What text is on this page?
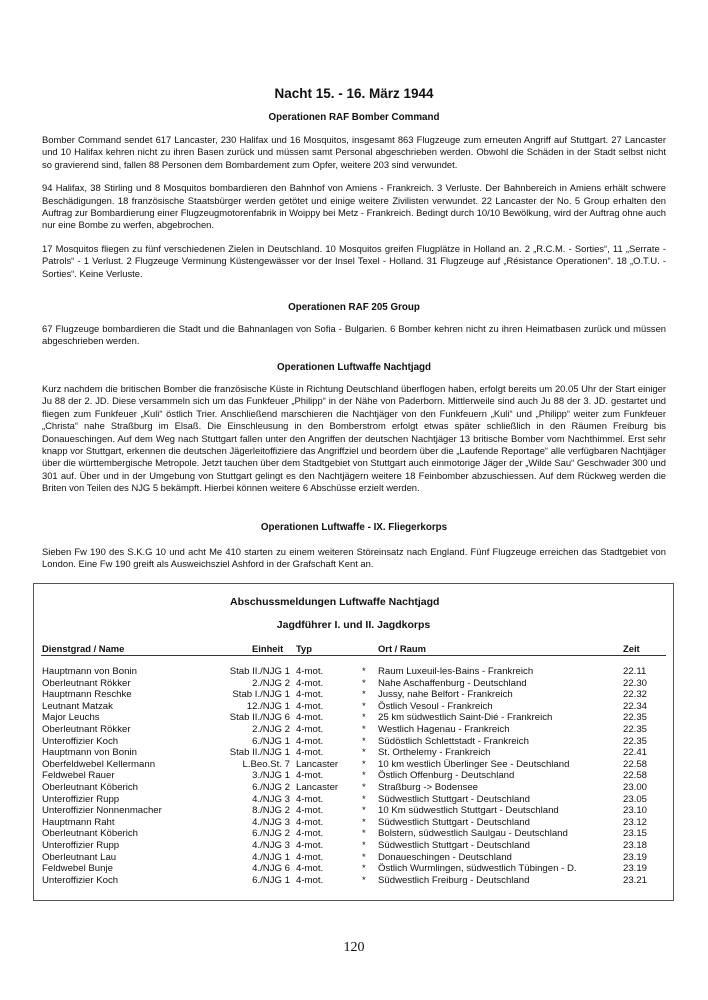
Nacht 15. - 16. März 1944
Operationen RAF Bomber Command

Bomber Command sendet 617 Lancaster, 230 Halifax und 16 Mosquitos, insgesamt 863 Flugzeuge zum erneuten Angriff auf Stuttgart. 27 Lancaster und 10 Halifax kehren nicht zu ihren Basen zurück und müssen samt Personal abgeschrieben werden. Obwohl die Schäden in der Stadt selbst nicht so gravierend sind, fallen 88 Personen dem Bombardement zum Opfer, weitere 203 sind verwundet.

94 Halifax, 38 Stirling und 8 Mosquitos bombardieren den Bahnhof von Amiens - Frankreich. 3 Verluste. Der Bahnbereich in Amiens erhält schwere Beschädigungen. 18 französische Staatsbürger werden getötet und einige weitere Zivilisten verwundet. 22 Lancaster der No. 5 Group erhalten den Auftrag zur Bombardierung einer Flugzeugmotorenfabrik in Woippy bei Metz - Frankreich. Bedingt durch 10/10 Bewölkung, wird der Auftrag ohne auch nur eine Bombe zu werfen, abgebrochen.

17 Mosquitos fliegen zu fünf verschiedenen Zielen in Deutschland. 10 Mosquitos greifen Flugplätze in Holland an. 2 „R.C.M. - Sorties“, 11 „Serrate - Patrols“ - 1 Verlust. 2 Flugzeuge Verminung Küstengewässer vor der Insel Texel - Holland. 31 Flugzeuge auf „Résistance Operationen“. 18 „O.T.U. - Sorties“. Keine Verluste.

Operationen RAF 205 Group

67 Flugzeuge bombardieren die Stadt und die Bahnanlagen von Sofia - Bulgarien. 6 Bomber kehren nicht zu ihren Heimatbasen zurück und müssen abgeschrieben werden.

Operationen Luftwaffe Nachtjagd

Kurz nachdem die britischen Bomber die französische Küste in Richtung Deutschland überflogen haben, erfolgt bereits um 20.05 Uhr der Start einiger Ju 88 der 2. JD. Diese versammeln sich um das Funkfeuer „Philipp“ in der Nähe von Paderborn. Mittlerweile sind auch Ju 88 der 3. JD. gestartet und fliegen zum Funkfeuer „Kuli“ östlich Trier. Anschließend marschieren die Nachtjäger von den Funkfeuern „Kuli“ und „Philipp“ weiter zum Funkfeuer „Christa“ nahe Straßburg im Elsaß. Die Einschleusung in den Bomberstrom erfolgt etwas später schließlich in den Räumen Freiburg bis Donaueschingen. Auf dem Weg nach Stuttgart fallen unter den Angriffen der deutschen Nachtjäger 13 britische Bomber vom Nachthimmel. Erst sehr knapp vor Stuttgart, erkennen die deutschen Jägerleitoffiziere das Angriffziel und beordern über die „Laufende Reportage“ alle verfügbaren Nachtjäger über die württembergische Metropole. Jetzt tauchen über dem Stadtgebiet von Stuttgart auch einmotorige Jäger der „Wilde Sau“ Geschwader 300 und 301 auf. Über und in der Umgebung von Stuttgart gelingt es den Nachtjägern weitere 18 Feinbomber abzuschiessen. Auf dem Rückweg werden die Briten von Teilen des NJG 5 bekämpft. Hierbei können weitere 6 Abschüsse erzielt werden.

Operationen Luftwaffe - IX. Fliegerkorps

Sieben Fw 190 des S.K.G 10 und acht Me 410 starten zu einem weiteren Störeinsatz nach England. Fünf Flugzeuge erreichen das Stadtgebiet von London. Eine Fw 190 greift als Ausweichsziel Ashford in der Grafschaft Kent an.

Abschussmeldungen Luftwaffe Nachtjagd
Jagdführer I. und II. Jagdkorps
Dienstgrad / Name	Einheit Typ	Ort / Raum	Zeit
Hauptmann von Bonin	Stab II./NJG 1 4-mot.	* Raum Luxeuil-les-Bains - Frankreich	22.11
Oberleutnant Rökker	2./NJG 2 4-mot.	* Nahe Aschaffenburg - Deutschland	22.30
Hauptmann Reschke	Stab I./NJG 1 4-mot.	* Jussy, nahe Belfort - Frankreich	22.32
Leutnant Matzak	12./NJG 1 4-mot.	* Östlich Vesoul - Frankreich	22.34
Major Leuchs	Stab II./NJG 6 4-mot.	* 25 km südwestlich Saint-Dié - Frankreich	22.35
Oberleutnant Rökker	2./NJG 2 4-mot.	* Westlich Hagenau - Frankreich	22.35
Unteroffizier Koch	6./NJG 1 4-mot.	* Südöstlich Schlettstadt - Frankreich	22.35
Hauptmann von Bonin	Stab II./NJG 1 4-mot.	* St. Orthelemy - Frankreich	22.41
Oberfeldwebel Kellermann	L.Beo.St. 7 Lancaster * 10 km westlich Überlinger See - Deutschland	22.58
Feldwebel Rauer	3./NJG 1 4-mot.	* Östlich Offenburg - Deutschland	22.58
Oberleutnant Köberich	6./NJG 2 Lancaster * Straßburg -> Bodensee	23.00
Unteroffizier Rupp	4./NJG 3 4-mot.	* Südwestlich Stuttgart - Deutschland	23.05
Unteroffizier Nonnenmacher	8./NJG 2 4-mot.	* 10 Km südwestlich Stuttgart - Deutschland	23.10
Hauptmann Raht	4./NJG 3 4-mot.	* Südwestlich Stuttgart - Deutschland	23.12
Oberleutnant Köberich	6./NJG 2 4-mot.	* Bolstern, südwestlich Saulgau - Deutschland	23.15
Unteroffizier Rupp	4./NJG 3 4-mot.	* Südwestlich Stuttgart - Deutschland	23.18
Oberleutnant Lau	4./NJG 1 4-mot.	* Donaueschingen - Deutschland	23.19
Feldwebel Bunje	4./NJG 6 4-mot.	* Östlich Wurmlingen, südwestlich Tübingen - D.	23.19
Unteroffizier Koch	6./NJG 1 4-mot.	* Südwestlich Freiburg - Deutschland	23.21
120
